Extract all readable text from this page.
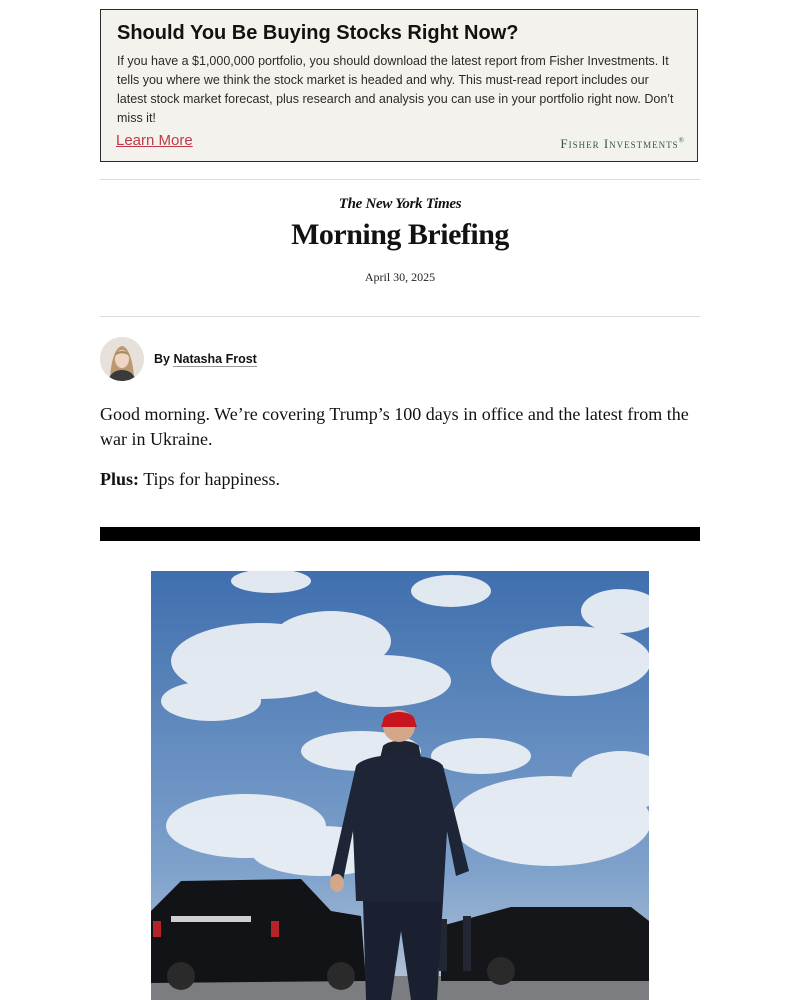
Should You Be Buying Stocks Right Now?

If you have a $1,000,000 portfolio, you should download the latest report from Fisher Investments. It tells you where we think the stock market is headed and why. This must-read report includes our latest stock market forecast, plus research and analysis you can use in your portfolio right now. Don’t miss it!

Learn More	Fisher Investments®
The New York Times
Morning Briefing
April 30, 2025
By Natasha Frost

Good morning. We’re covering Trump’s 100 days in office and the latest from the war in Ukraine.

Plus: Tips for happiness.
